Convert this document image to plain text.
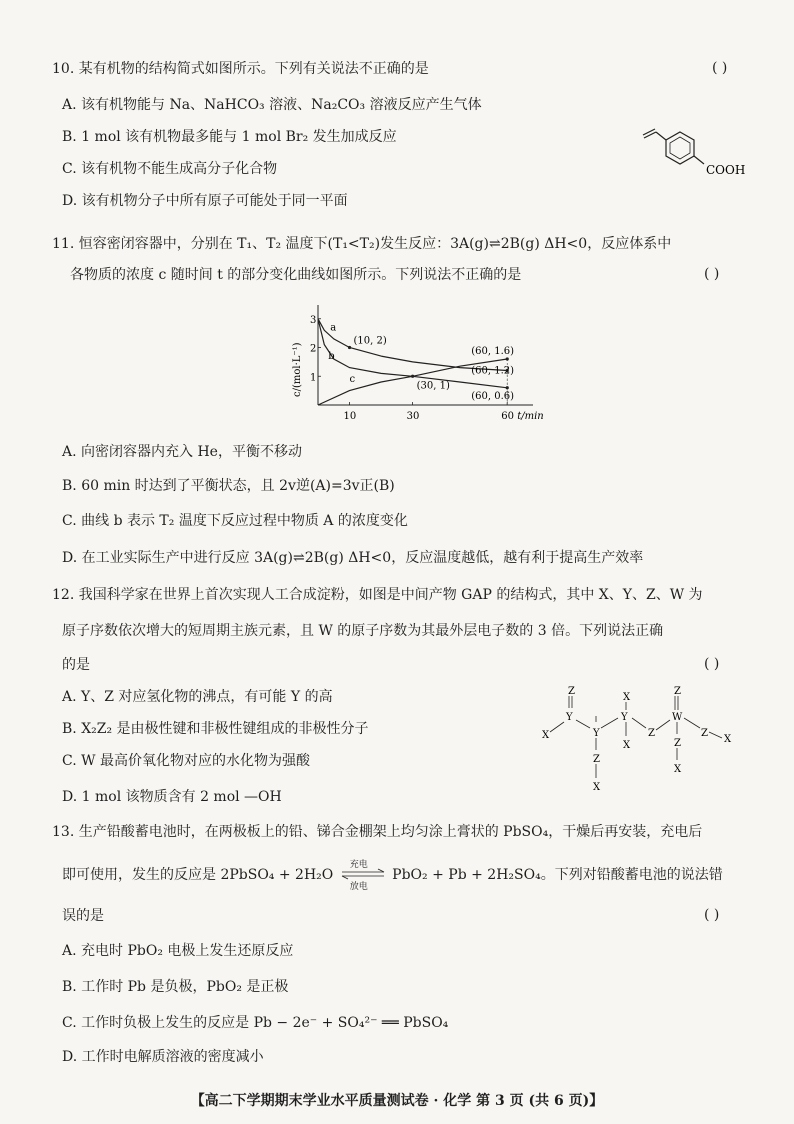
10. 某有机物的结构简式如图所示。下列有关说法不正确的是	( )
A. 该有机物能与 Na、NaHCO₃ 溶液、Na₂CO₃ 溶液反应产生气体
B. 1 mol 该有机物最多能与 1 mol Br₂ 发生加成反应
C. 该有机物不能生成高分子化合物
D. 该有机物分子中所有原子可能处于同一平面
COOH
11. 恒容密闭容器中，分别在 T₁、T₂ 温度下(T₁<T₂)发生反应：3A(g)⇌2B(g) ΔH<0，反应体系中
各物质的浓度 c 随时间 t 的部分变化曲线如图所示。下列说法不正确的是	( )
1
2
3
10	30	60 t/min
c/(mol·L⁻¹)
a
b
c
(10, 2)
(30, 1)
(60, 1.6)
(60, 1.2)
(60, 0.6)
A. 向密闭容器内充入 He，平衡不移动
B. 60 min 时达到了平衡状态，且 2v逆(A)=3v正(B)
C. 曲线 b 表示 T₂ 温度下反应过程中物质 A 的浓度变化
D. 在工业实际生产中进行反应 3A(g)⇌2B(g) ΔH<0，反应温度越低，越有利于提高生产效率
12. 我国科学家在世界上首次实现人工合成淀粉，如图是中间产物 GAP 的结构式，其中 X、Y、Z、W 为
原子序数依次增大的短周期主族元素，且 W 的原子序数为其最外层电子数的 3 倍。下列说法正确
的是	( )
A. Y、Z 对应氢化物的沸点，有可能 Y 的高
B. X₂Z₂ 是由极性键和非极性键组成的非极性分子
C. W 最高价氧化物对应的水化物为强酸
D. 1 mol 该物质含有 2 mol —OH
Z
Y
X	Y
Y
X
X
Z
W
Z
Z
X
Z
X
Z
X
13. 生产铅酸蓄电池时，在两极板上的铅、锑合金棚架上均匀涂上膏状的 PbSO₄，干燥后再安装，充电后
即可使用，发生的反应是 2PbSO₄ + 2H₂O
充电
放电
PbO₂ + Pb + 2H₂SO₄。下列对铅酸蓄电池的说法错
误的是	( )
A. 充电时 PbO₂ 电极上发生还原反应
B. 工作时 Pb 是负极，PbO₂ 是正极
C. 工作时负极上发生的反应是 Pb − 2e⁻ + SO₄²⁻ ══ PbSO₄
D. 工作时电解质溶液的密度减小
【高二下学期期末学业水平质量测试卷 · 化学 第 3 页 (共 6 页)】
